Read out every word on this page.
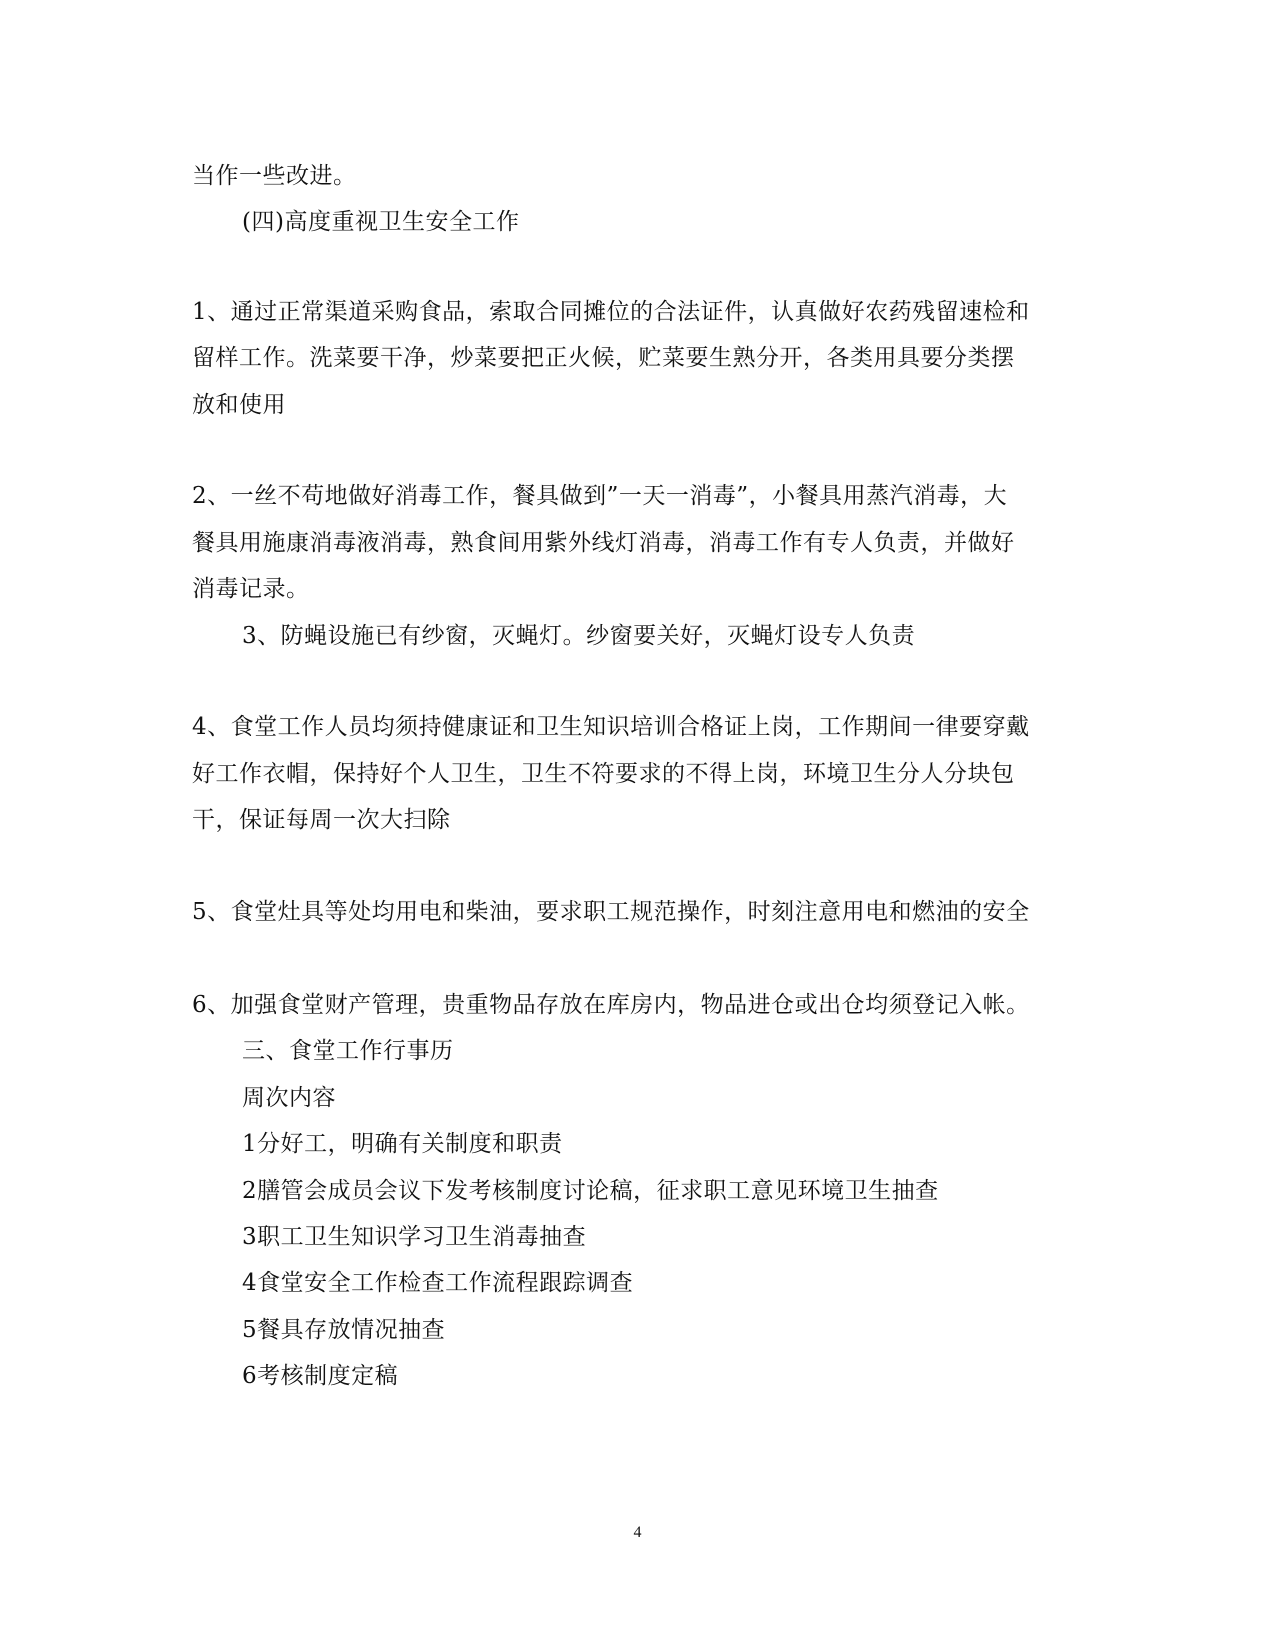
当作一些改进。
(四)高度重视卫生安全工作
1、通过正常渠道采购食品，索取合同摊位的合法证件，认真做好农药残留速检和
留样工作。洗菜要干净，炒菜要把正火候，贮菜要生熟分开，各类用具要分类摆
放和使用
2、一丝不苟地做好消毒工作，餐具做到”一天一消毒”，小餐具用蒸汽消毒，大
餐具用施康消毒液消毒，熟食间用紫外线灯消毒，消毒工作有专人负责，并做好
消毒记录。
3、防蝇设施已有纱窗，灭蝇灯。纱窗要关好，灭蝇灯设专人负责
4、食堂工作人员均须持健康证和卫生知识培训合格证上岗，工作期间一律要穿戴
好工作衣帽，保持好个人卫生，卫生不符要求的不得上岗，环境卫生分人分块包
干，保证每周一次大扫除
5、食堂灶具等处均用电和柴油，要求职工规范操作，时刻注意用电和燃油的安全
6、加强食堂财产管理，贵重物品存放在库房内，物品进仓或出仓均须登记入帐。
三、食堂工作行事历
周次内容
1分好工，明确有关制度和职责
2膳管会成员会议下发考核制度讨论稿，征求职工意见环境卫生抽查
3职工卫生知识学习卫生消毒抽查
4食堂安全工作检查工作流程跟踪调查
5餐具存放情况抽查
6考核制度定稿
4
